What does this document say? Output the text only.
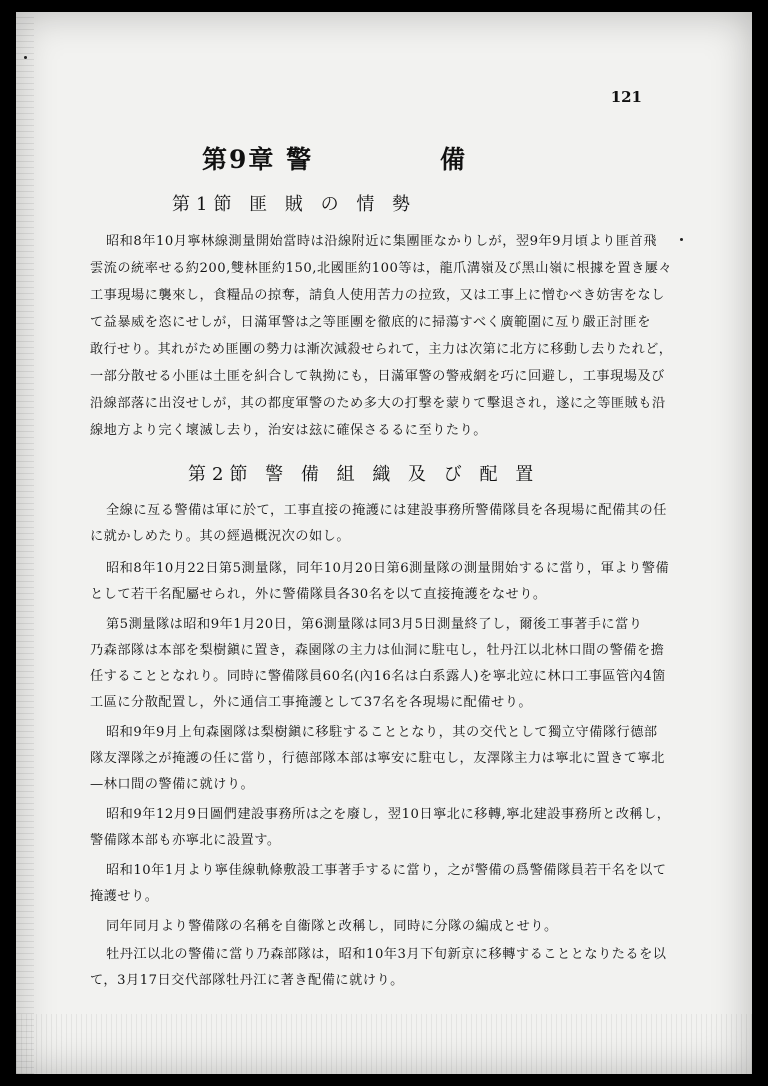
121
第9章 警	備
第1節 匪 賊 の 情 勢
昭和8年10月寧林線測量開始當時は沿線附近に集團匪なかりしが，翌9年9月頃より匪首飛
雲流の統率せる約200,雙林匪約150,北國匪約100等は，龍爪溝嶺及び黑山嶺に根據を置き屢々
工事現場に襲來し，食糧品の掠奪，請負人使用苦力の拉致，又は工事上に憎むべき妨害をなし
て益暴威を恣にせしが，日滿軍警は之等匪團を徹底的に掃蕩すべく廣範圍に亙り嚴正討匪を
敢行せり。其れがため匪團の勢力は漸次減殺せられて，主力は次第に北方に移動し去りたれど，
一部分散せる小匪は土匪を糾合して執拗にも，日滿軍警の警戒網を巧に回避し，工事現場及び
沿線部落に出沒せしが，其の都度軍警のため多大の打撃を蒙りて擊退され，遂に之等匪賊も沿
線地方より完く壞滅し去り，治安は玆に確保さるるに至りたり。
第2節 警 備 組 織 及 び 配 置
全線に亙る警備は軍に於て，工事直接の掩護には建設事務所警備隊員を各現場に配備其の任
に就かしめたり。其の經過概況次の如し。
昭和8年10月22日第5測量隊，同年10月20日第6測量隊の測量開始するに當り，軍より警備
として若干名配屬せられ，外に警備隊員各30名を以て直接掩護をなせり。
第5測量隊は昭和9年1月20日，第6測量隊は同3月5日測量終了し，爾後工事著手に當り
乃森部隊は本部を梨樹鎭に置き，森園隊の主力は仙洞に駐屯し，牡丹江以北林口間の警備を擔
任することとなれり。同時に警備隊員60名(內16名は白系露人)を寧北竝に林口工事區管內4箇
工區に分散配置し，外に通信工事掩護として37名を各現場に配備せり。
昭和9年9月上旬森園隊は梨樹鎭に移駐することとなり，其の交代として獨立守備隊行德部
隊友澤隊之が掩護の任に當り，行德部隊本部は寧安に駐屯し，友澤隊主力は寧北に置きて寧北
—林口間の警備に就けり。
昭和9年12月9日圖們建設事務所は之を廢し，翌10日寧北に移轉,寧北建設事務所と改稱し，
警備隊本部も亦寧北に設置す。
昭和10年1月より寧佳線軌條敷設工事著手するに當り，之が警備の爲警備隊員若干名を以て
掩護せり。
同年同月より警備隊の名稱を自衞隊と改稱し，同時に分隊の編成とせり。
牡丹江以北の警備に當り乃森部隊は，昭和10年3月下旬新京に移轉することとなりたるを以
て，3月17日交代部隊牡丹江に著き配備に就けり。
